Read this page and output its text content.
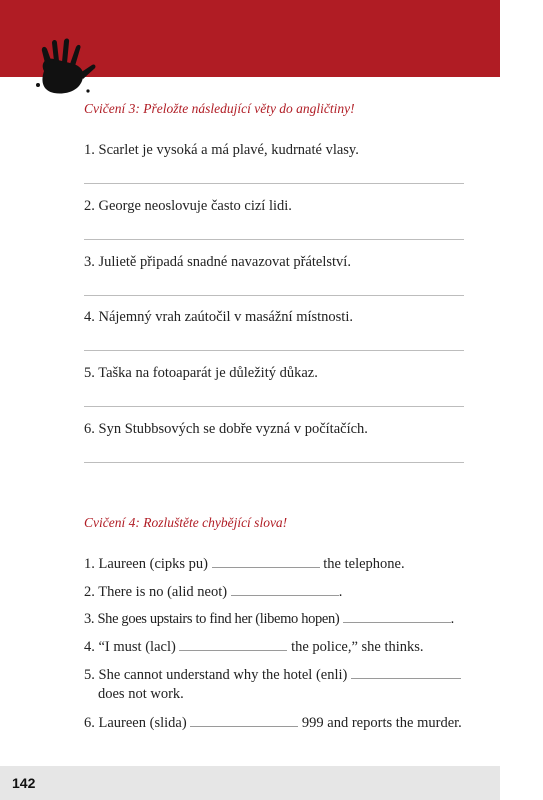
Cvičení 3: Přeložte následující věty do angličtiny!
1. Scarlet je vysoká a má plavé, kudrnaté vlasy.
2. George neoslovuje často cizí lidi.
3. Julietě připadá snadné navazovat přátelství.
4. Nájemný vrah zaútočil v masážní místnosti.
5. Taška na fotoaparát je důležitý důkaz.
6. Syn Stubbsových se dobře vyzná v počítačích.
Cvičení 4: Rozluštěte chybějící slova!
1. Laureen (cipks pu)	the telephone.
2. There is no (alid neot)	.
3. She goes upstairs to find her (libemo hopen)	.
4. “I must (lacl)	the police,” she thinks.
5. She cannot understand why the hotel (enli)
does not work.
6. Laureen (slida)	999 and reports the murder.
142
